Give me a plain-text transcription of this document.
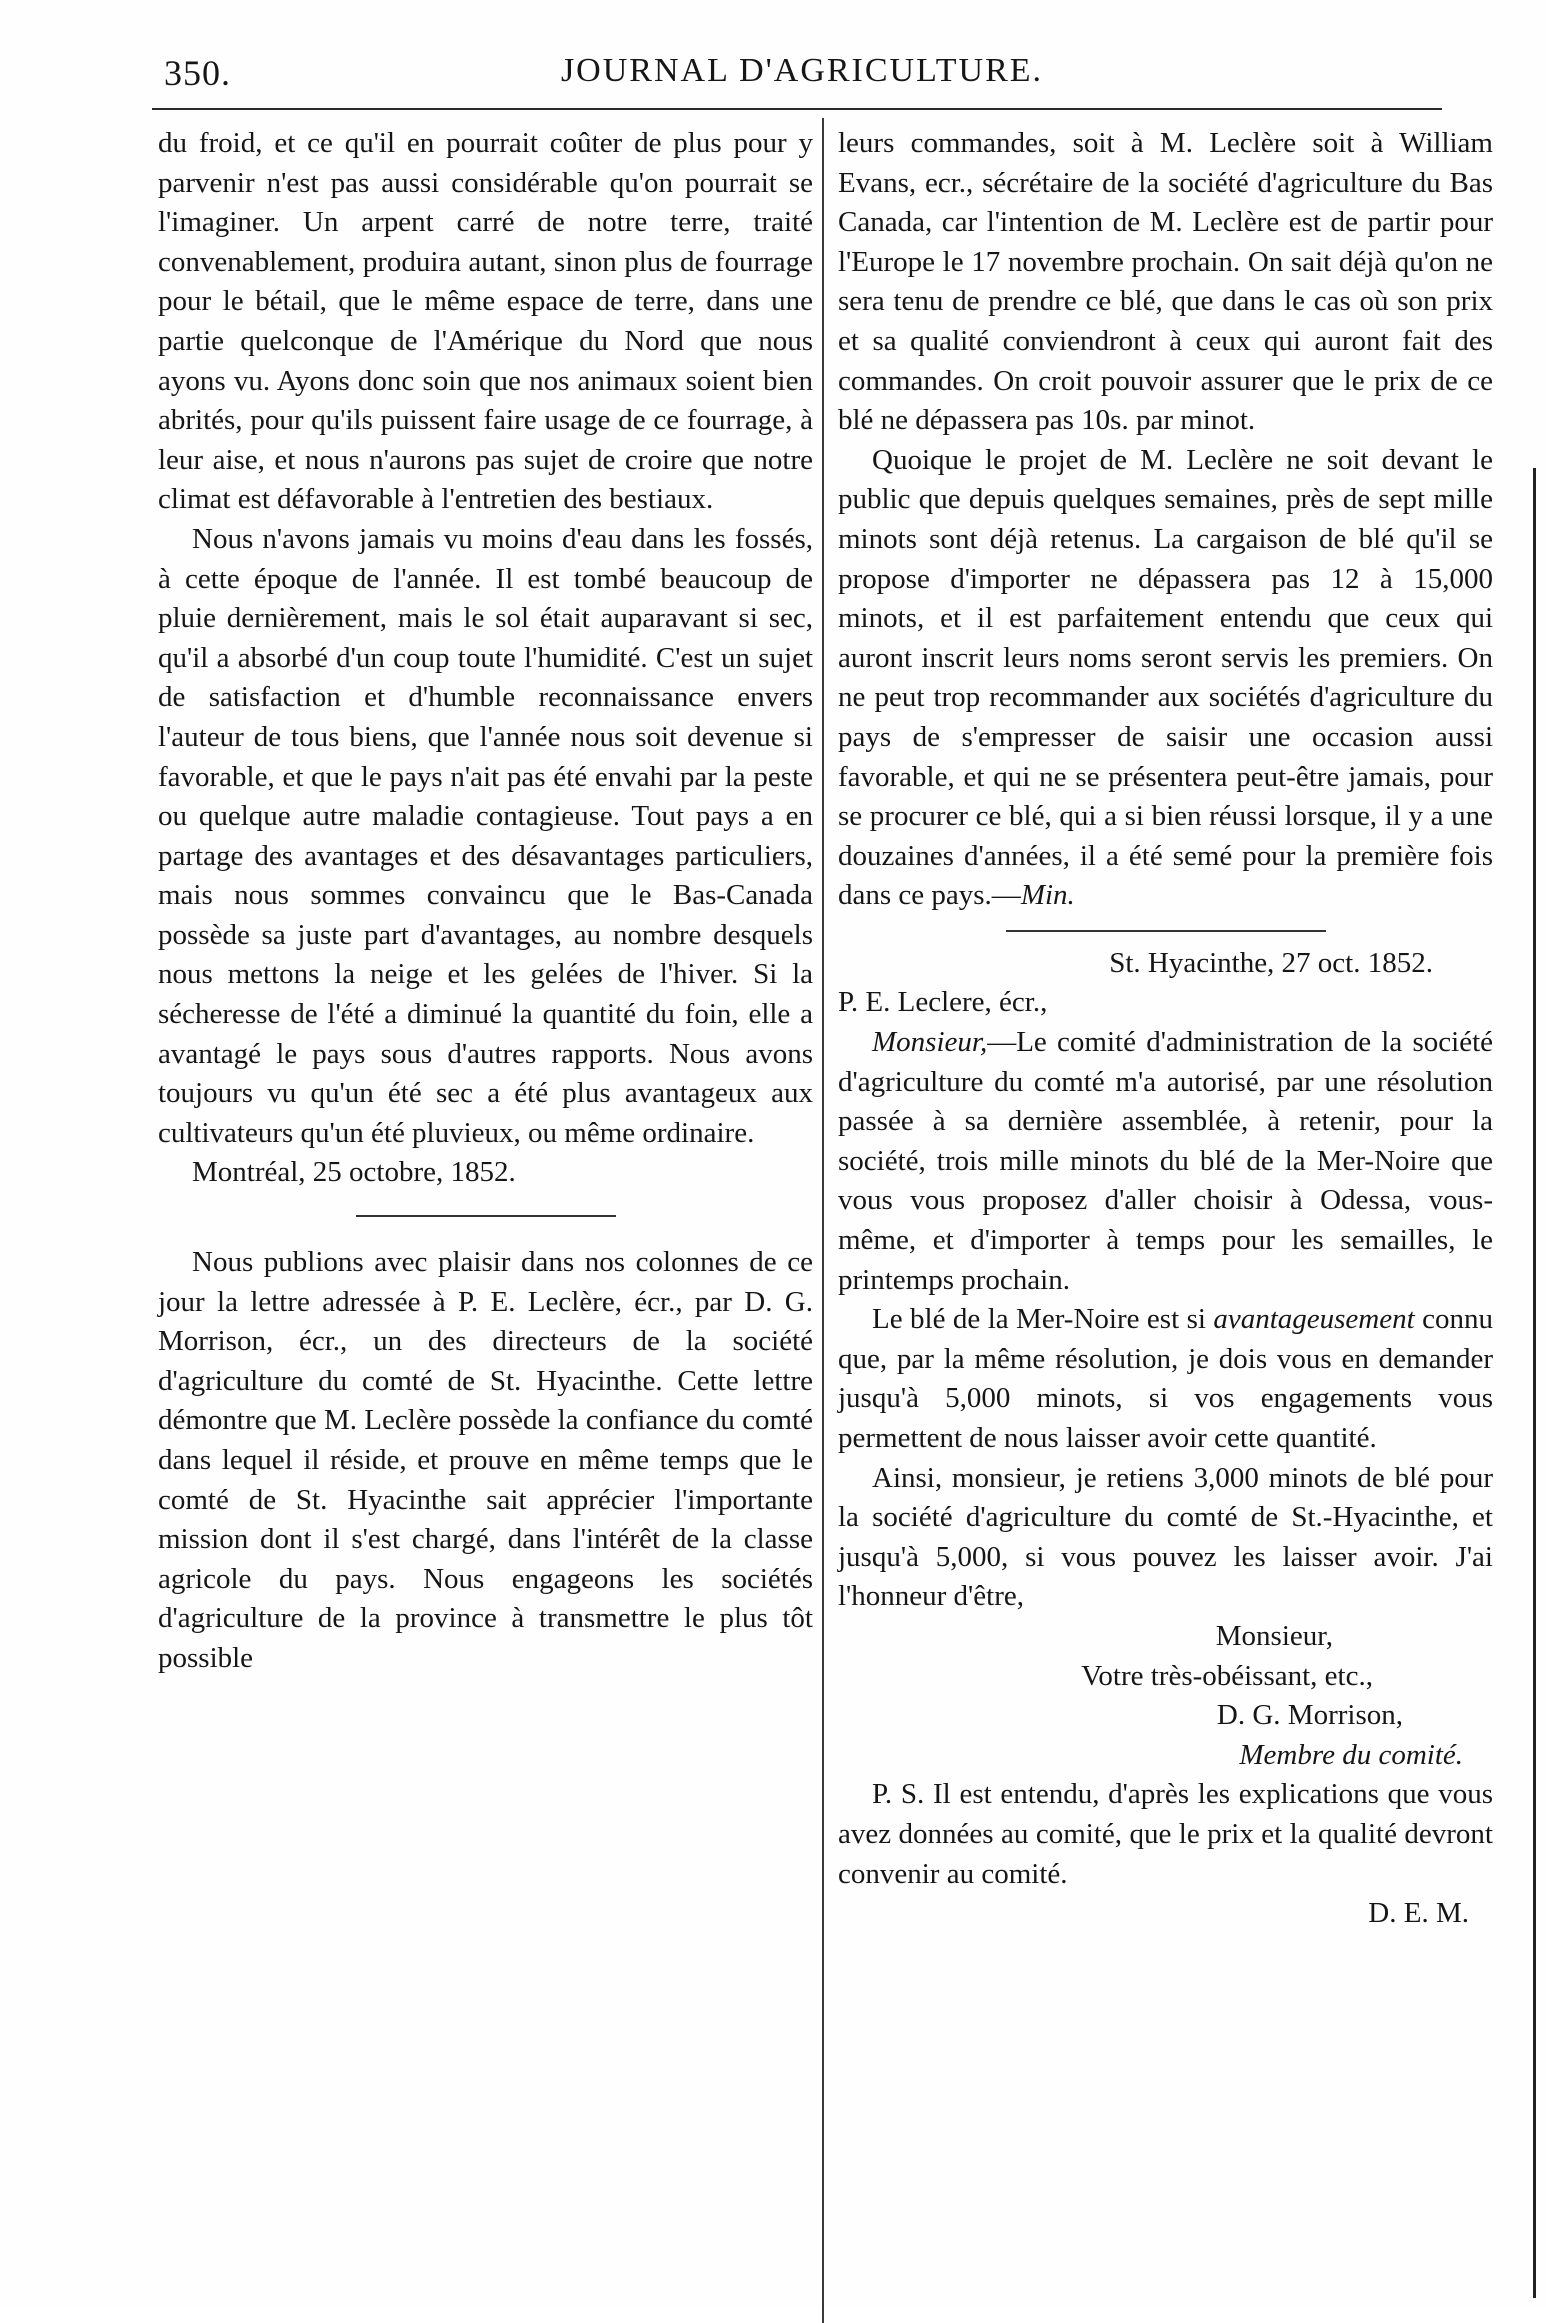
350.	JOURNAL D'AGRICULTURE.

du froid, et ce qu'il en pourrait coûter de plus pour y parvenir n'est pas aussi considérable qu'on pourrait se l'imaginer. Un arpent carré de notre terre, traité convenablement, produira autant, sinon plus de fourrage pour le bétail, que le même espace de terre, dans une partie quelconque de l'Amérique du Nord que nous ayons vu. Ayons donc soin que nos animaux soient bien abrités, pour qu'ils puissent faire usage de ce fourrage, à leur aise, et nous n'aurons pas sujet de croire que notre climat est défavorable à l'entretien des bestiaux.

Nous n'avons jamais vu moins d'eau dans les fossés, à cette époque de l'année. Il est tombé beaucoup de pluie dernièrement, mais le sol était auparavant si sec, qu'il a absorbé d'un coup toute l'humidité. C'est un sujet de satisfaction et d'humble reconnaissance envers l'auteur de tous biens, que l'année nous soit devenue si favorable, et que le pays n'ait pas été envahi par la peste ou quelque autre maladie contagieuse. Tout pays a en partage des avantages et des désavantages particuliers, mais nous sommes convaincu que le Bas-Canada possède sa juste part d'avantages, au nombre desquels nous mettons la neige et les gelées de l'hiver. Si la sécheresse de l'été a diminué la quantité du foin, elle a avantagé le pays sous d'autres rapports. Nous avons toujours vu qu'un été sec a été plus avantageux aux cultivateurs qu'un été pluvieux, ou même ordinaire.

Montréal, 25 octobre, 1852.

Nous publions avec plaisir dans nos colonnes de ce jour la lettre adressée à P. E. Leclère, écr., par D. G. Morrison, écr., un des directeurs de la société d'agriculture du comté de St. Hyacinthe. Cette lettre démontre que M. Leclère possède la confiance du comté dans lequel il réside, et prouve en même temps que le comté de St. Hyacinthe sait apprécier l'importante mission dont il s'est chargé, dans l'intérêt de la classe agricole du pays. Nous engageons les sociétés d'agriculture de la province à transmettre le plus tôt possible

leurs commandes, soit à M. Leclère soit à William Evans, ecr., sécrétaire de la société d'agriculture du Bas Canada, car l'intention de M. Leclère est de partir pour l'Europe le 17 novembre prochain. On sait déjà qu'on ne sera tenu de prendre ce blé, que dans le cas où son prix et sa qualité conviendront à ceux qui auront fait des commandes. On croit pouvoir assurer que le prix de ce blé ne dépassera pas 10s. par minot.

Quoique le projet de M. Leclère ne soit devant le public que depuis quelques semaines, près de sept mille minots sont déjà retenus. La cargaison de blé qu'il se propose d'importer ne dépassera pas 12 à 15,000 minots, et il est parfaitement entendu que ceux qui auront inscrit leurs noms seront servis les premiers. On ne peut trop recommander aux sociétés d'agriculture du pays de s'empresser de saisir une occasion aussi favorable, et qui ne se présentera peut-être jamais, pour se procurer ce blé, qui a si bien réussi lorsque, il y a une douzaines d'années, il a été semé pour la première fois dans ce pays.—Min.

St. Hyacinthe, 27 oct. 1852.

P. E. Leclere, écr.,

Monsieur,—Le comité d'administration de la société d'agriculture du comté m'a autorisé, par une résolution passée à sa dernière assemblée, à retenir, pour la société, trois mille minots du blé de la Mer-Noire que vous vous proposez d'aller choisir à Odessa, vous-même, et d'importer à temps pour les semailles, le printemps prochain.

Le blé de la Mer-Noire est si avantageusement connu que, par la même résolution, je dois vous en demander jusqu'à 5,000 minots, si vos engagements vous permettent de nous laisser avoir cette quantité.

Ainsi, monsieur, je retiens 3,000 minots de blé pour la société d'agriculture du comté de St.-Hyacinthe, et jusqu'à 5,000, si vous pouvez les laisser avoir. J'ai l'honneur d'être,

Monsieur,

Votre très-obéissant, etc.,

D. G. Morrison,

Membre du comité.

P. S. Il est entendu, d'après les explications que vous avez données au comité, que le prix et la qualité devront convenir au comité.

D. E. M.
